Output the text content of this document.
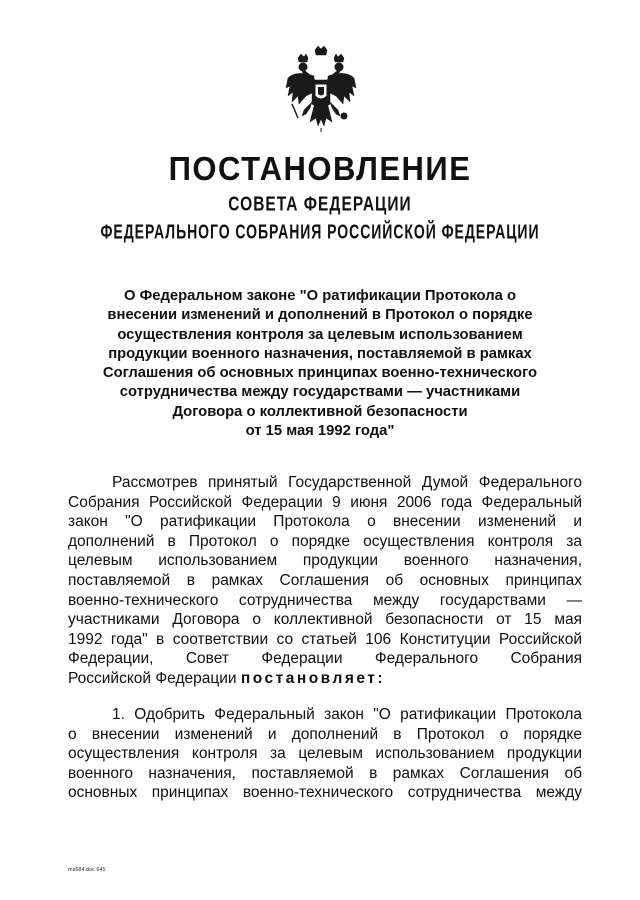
ПОСТАНОВЛЕНИЕ
СОВЕТА ФЕДЕРАЦИИ
ФЕДЕРАЛЬНОГО СОБРАНИЯ РОССИЙСКОЙ ФЕДЕРАЦИИ
О Федеральном законе "О ратификации Протокола о
внесении изменений и дополнений в Протокол о порядке
осуществления контроля за целевым использованием
продукции военного назначения, поставляемой в рамках
Соглашения об основных принципах военно-технического
сотрудничества между государствами — участниками
Договора о коллективной безопасности
от 15 мая 1992 года"
Рассмотрев принятый Государственной Думой Федерального
Собрания Российской Федерации 9 июня 2006 года Федеральный
закон "О ратификации Протокола о внесении изменений и
дополнений в Протокол о порядке осуществления контроля за
целевым использованием продукции военного назначения,
поставляемой в рамках Соглашения об основных принципах
военно-технического сотрудничества между государствами —
участниками Договора о коллективной безопасности от 15 мая
1992 года" в соответствии со статьей 106 Конституции Российской
Федерации, Совет Федерации Федерального Собрания
Российской Федерации постановляет:
1. Одобрить Федеральный закон "О ратификации Протокола
о внесении изменений и дополнений в Протокол о порядке
осуществления контроля за целевым использованием продукции
военного назначения, поставляемой в рамках Соглашения об
основных принципах военно-технического сотрудничества между
ms684.doc 645
